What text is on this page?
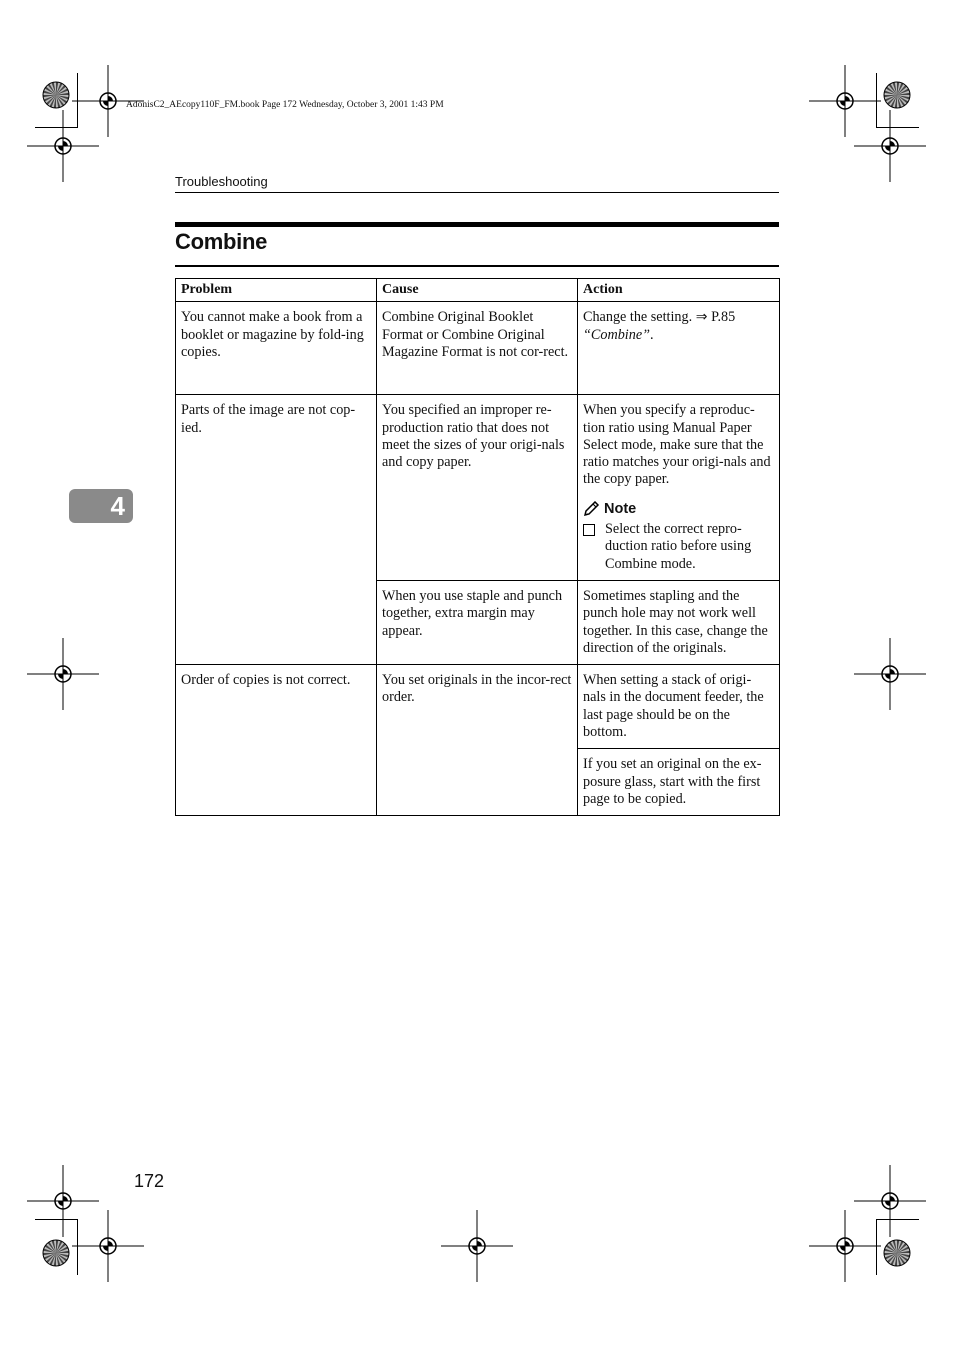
AdonisC2_AEcopy110F_FM.book Page 172 Wednesday, October 3, 2001 1:43 PM
Troubleshooting
Combine
4
Problem	Cause	Action
You cannot make a book from a booklet or magazine by fold-ing copies.	Combine Original Booklet Format or Combine Original Magazine Format is not cor-rect.	Change the setting. ⇒ P.85
“Combine”.
Parts of the image are not cop-ied.	You specified an improper re-production ratio that does not meet the sizes of your origi-nals and copy paper.	When you specify a reproduc-tion ratio using Manual Paper Select mode, make sure that the ratio matches your origi-nals and the copy paper.
Note
Select the correct repro-duction ratio before using Combine mode.

	When you use staple and punch together, extra margin may appear.	Sometimes stapling and the punch hole may not work well together. In this case, change the direction of the originals.
Order of copies is not correct.	You set originals in the incor-rect order.	When setting a stack of origi-nals in the document feeder, the last page should be on the bottom.
		If you set an original on the ex-posure glass, start with the first page to be copied.
172
